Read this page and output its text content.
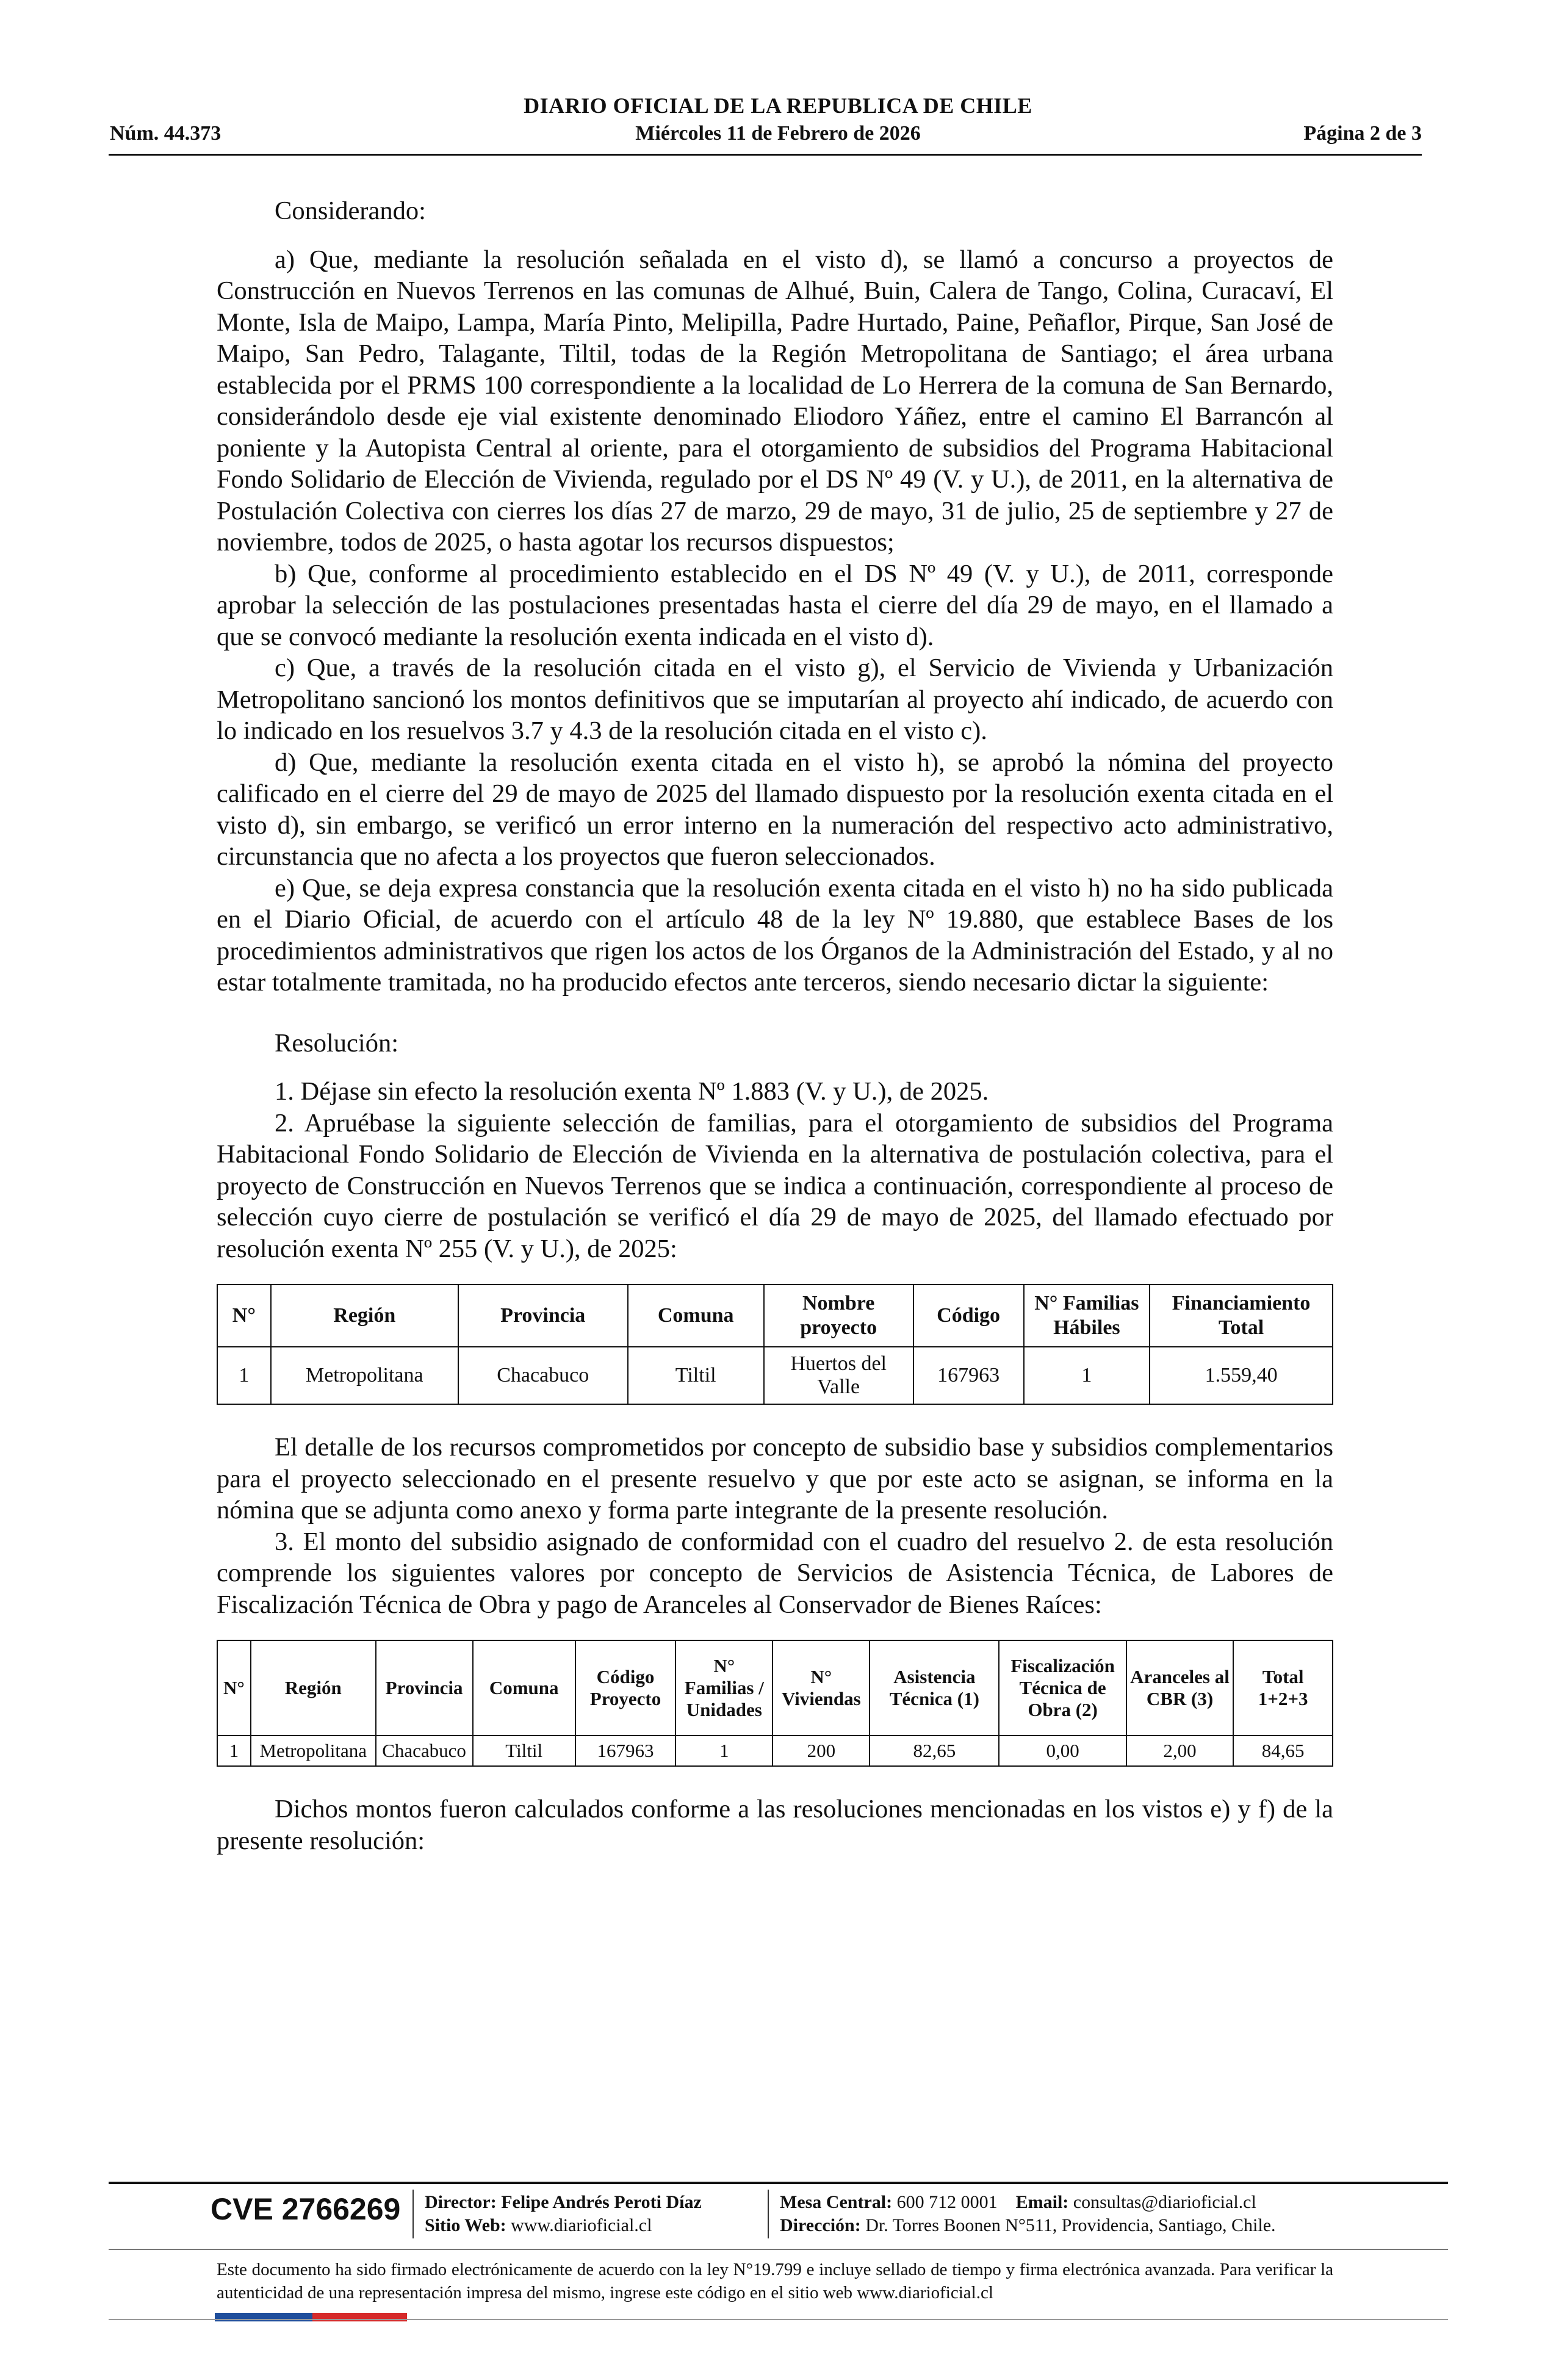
DIARIO OFICIAL DE LA REPUBLICA DE CHILE
Núm. 44.373	Miércoles 11 de Febrero de 2026	Página 2 de 3
Considerando:

a) Que, mediante la resolución señalada en el visto d), se llamó a concurso a proyectos de Construcción en Nuevos Terrenos en las comunas de Alhué, Buin, Calera de Tango, Colina, Curacaví, El Monte, Isla de Maipo, Lampa, María Pinto, Melipilla, Padre Hurtado, Paine, Peñaflor, Pirque, San José de Maipo, San Pedro, Talagante, Tiltil, todas de la Región Metropolitana de Santiago; el área urbana establecida por el PRMS 100 correspondiente a la localidad de Lo Herrera de la comuna de San Bernardo, considerándolo desde eje vial existente denominado Eliodoro Yáñez, entre el camino El Barrancón al poniente y la Autopista Central al oriente, para el otorgamiento de subsidios del Programa Habitacional Fondo Solidario de Elección de Vivienda, regulado por el DS Nº 49 (V. y U.), de 2011, en la alternativa de Postulación Colectiva con cierres los días 27 de marzo, 29 de mayo, 31 de julio, 25 de septiembre y 27 de noviembre, todos de 2025, o hasta agotar los recursos dispuestos;

b) Que, conforme al procedimiento establecido en el DS Nº 49 (V. y U.), de 2011, corresponde aprobar la selección de las postulaciones presentadas hasta el cierre del día 29 de mayo, en el llamado a que se convocó mediante la resolución exenta indicada en el visto d).

c) Que, a través de la resolución citada en el visto g), el Servicio de Vivienda y Urbanización Metropolitano sancionó los montos definitivos que se imputarían al proyecto ahí indicado, de acuerdo con lo indicado en los resuelvos 3.7 y 4.3 de la resolución citada en el visto c).

d) Que, mediante la resolución exenta citada en el visto h), se aprobó la nómina del proyecto calificado en el cierre del 29 de mayo de 2025 del llamado dispuesto por la resolución exenta citada en el visto d), sin embargo, se verificó un error interno en la numeración del respectivo acto administrativo, circunstancia que no afecta a los proyectos que fueron seleccionados.

e) Que, se deja expresa constancia que la resolución exenta citada en el visto h) no ha sido publicada en el Diario Oficial, de acuerdo con el artículo 48 de la ley Nº 19.880, que establece Bases de los procedimientos administrativos que rigen los actos de los Órganos de la Administración del Estado, y al no estar totalmente tramitada, no ha producido efectos ante terceros, siendo necesario dictar la siguiente:

Resolución:

1. Déjase sin efecto la resolución exenta Nº 1.883 (V. y U.), de 2025.

2. Apruébase la siguiente selección de familias, para el otorgamiento de subsidios del Programa Habitacional Fondo Solidario de Elección de Vivienda en la alternativa de postulación colectiva, para el proyecto de Construcción en Nuevos Terrenos que se indica a continuación, correspondiente al proceso de selección cuyo cierre de postulación se verificó el día 29 de mayo de 2025, del llamado efectuado por resolución exenta Nº 255 (V. y U.), de 2025:

N°	Región	Provincia	Comuna	Nombre proyecto	Código	N° Familias Hábiles	Financiamiento Total
1	Metropolitana	Chacabuco	Tiltil	Huertos del Valle	167963	1	1.559,40

El detalle de los recursos comprometidos por concepto de subsidio base y subsidios complementarios para el proyecto seleccionado en el presente resuelvo y que por este acto se asignan, se informa en la nómina que se adjunta como anexo y forma parte integrante de la presente resolución.

3. El monto del subsidio asignado de conformidad con el cuadro del resuelvo 2. de esta resolución comprende los siguientes valores por concepto de Servicios de Asistencia Técnica, de Labores de Fiscalización Técnica de Obra y pago de Aranceles al Conservador de Bienes Raíces:

N°	Región	Provincia	Comuna	Código Proyecto	N° Familias / Unidades	N° Viviendas	Asistencia Técnica (1)	Fiscalización Técnica de Obra (2)	Aranceles al CBR (3)	Total 1+2+3
1	Metropolitana	Chacabuco	Tiltil	167963	1	200	82,65	0,00	2,00	84,65

Dichos montos fueron calculados conforme a las resoluciones mencionadas en los vistos e) y f) de la presente resolución:

CVE 2766269 Director: Felipe Andrés Peroti Díaz
Sitio Web: www.diarioficial.cl
Mesa Central: 600 712 0001 Email: consultas@diarioficial.cl
Dirección: Dr. Torres Boonen N°511, Providencia, Santiago, Chile.
Este documento ha sido firmado electrónicamente de acuerdo con la ley N°19.799 e incluye sellado de tiempo y firma electrónica avanzada. Para verificar la autenticidad de una representación impresa del mismo, ingrese este código en el sitio web www.diarioficial.cl
